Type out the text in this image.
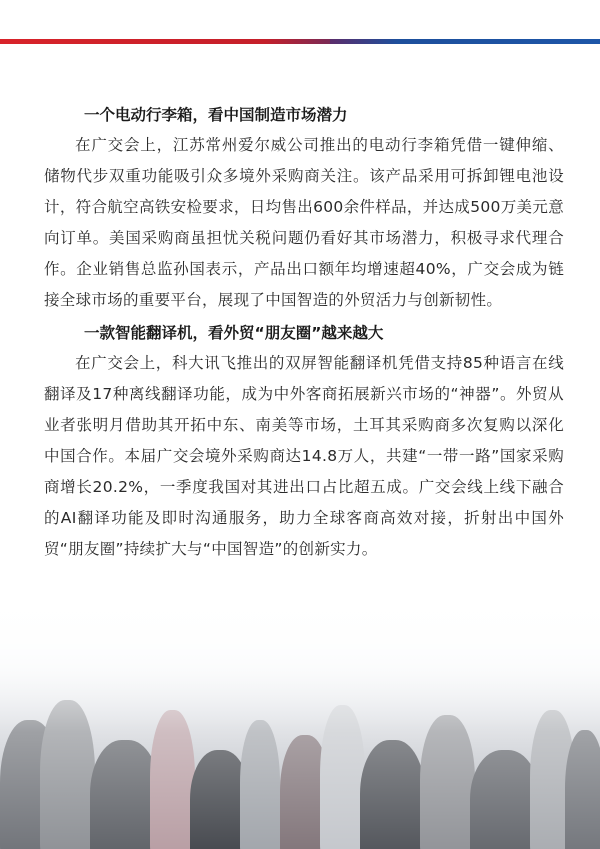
一个电动行李箱，看中国制造市场潜力

在广交会上，江苏常州爱尔威公司推出的电动行李箱凭借一键伸缩、储物代步双重功能吸引众多境外采购商关注。该产品采用可拆卸锂电池设计，符合航空高铁安检要求，日均售出600余件样品，并达成500万美元意向订单。美国采购商虽担忧关税问题仍看好其市场潜力，积极寻求代理合作。企业销售总监孙国表示，产品出口额年均增速超40%，广交会成为链接全球市场的重要平台，展现了中国智造的外贸活力与创新韧性。

一款智能翻译机，看外贸“朋友圈”越来越大

在广交会上，科大讯飞推出的双屏智能翻译机凭借支持85种语言在线翻译及17种离线翻译功能，成为中外客商拓展新兴市场的“神器”。外贸从业者张明月借助其开拓中东、南美等市场，土耳其采购商多次复购以深化中国合作。本届广交会境外采购商达14.8万人，共建“一带一路”国家采购商增长20.2%，一季度我国对其进出口占比超五成。广交会线上线下融合的AI翻译功能及即时沟通服务，助力全球客商高效对接，折射出中国外贸“朋友圈”持续扩大与“中国智造”的创新实力。
